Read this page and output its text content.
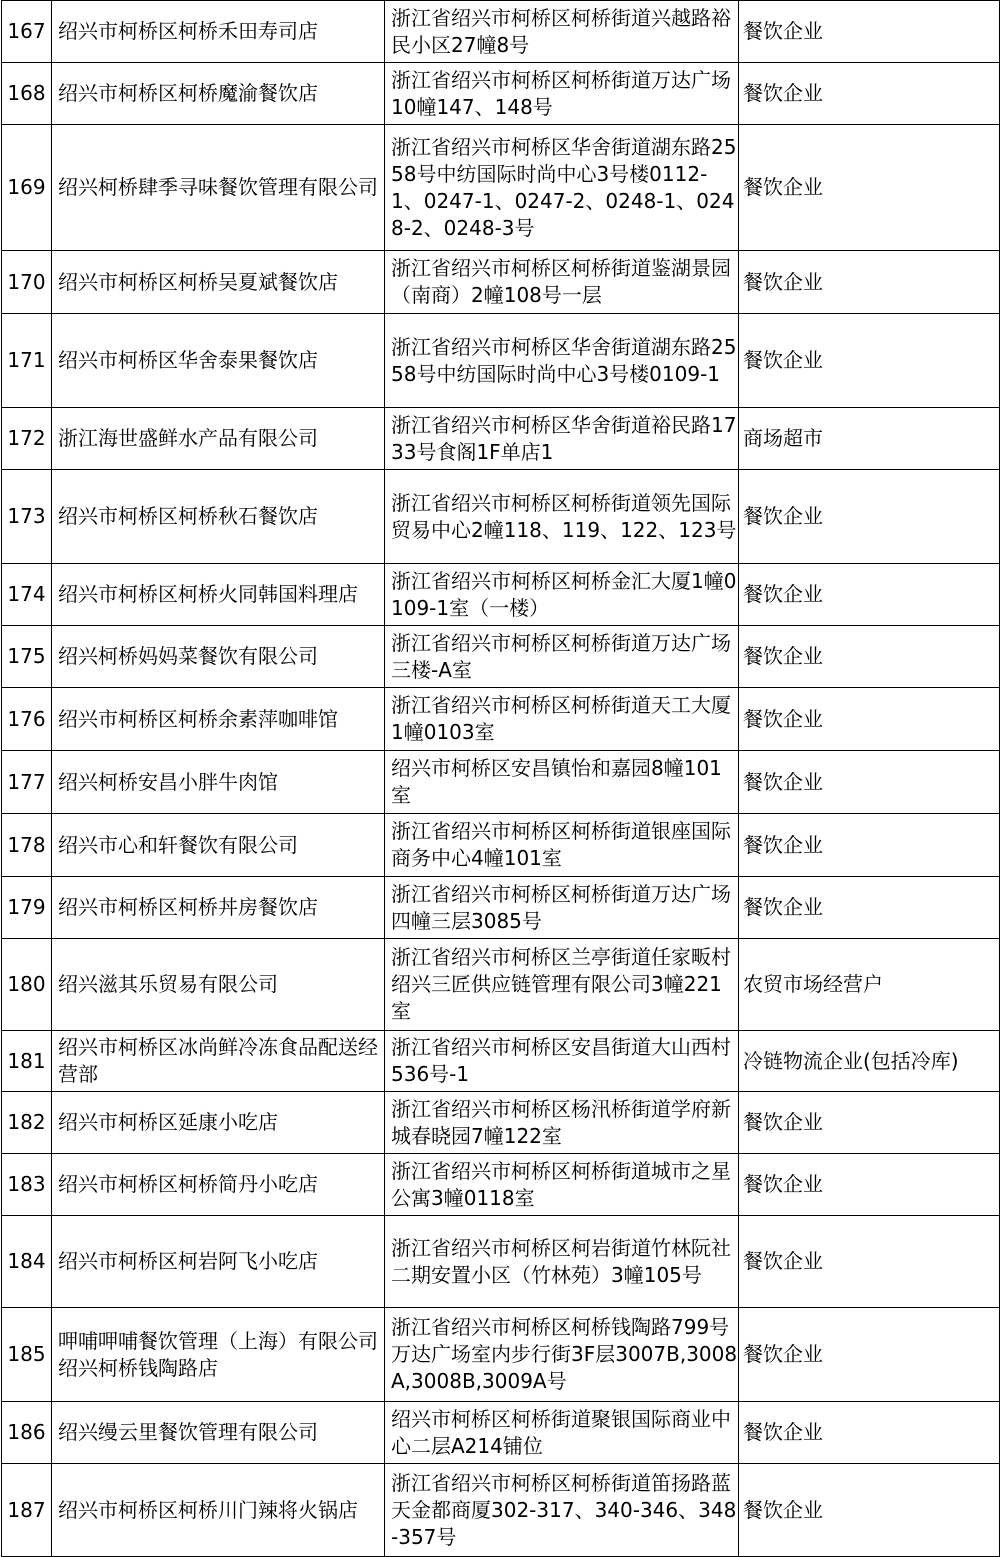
167	绍兴市柯桥区柯桥禾田寿司店	浙江省绍兴市柯桥区柯桥街道兴越路裕民小区27幢8号	餐饮企业
168	绍兴市柯桥区柯桥魔渝餐饮店	浙江省绍兴市柯桥区柯桥街道万达广场10幢147、148号	餐饮企业
169	绍兴柯桥肆季寻味餐饮管理有限公司	浙江省绍兴市柯桥区华舍街道湖东路2558号中纺国际时尚中心3号楼0112-1、0247-1、0247-2、0248-1、0248-2、0248-3号	餐饮企业
170	绍兴市柯桥区柯桥吴夏斌餐饮店	浙江省绍兴市柯桥区柯桥街道鉴湖景园（南商）2幢108号一层	餐饮企业
171	绍兴市柯桥区华舍泰果餐饮店	浙江省绍兴市柯桥区华舍街道湖东路2558号中纺国际时尚中心3号楼0109-1	餐饮企业
172	浙江海世盛鲜水产品有限公司	浙江省绍兴市柯桥区华舍街道裕民路1733号食阁1F单店1	商场超市
173	绍兴市柯桥区柯桥秋石餐饮店	浙江省绍兴市柯桥区柯桥街道领先国际贸易中心2幢118、119、122、123号	餐饮企业
174	绍兴市柯桥区柯桥火同韩国料理店	浙江省绍兴市柯桥区柯桥金汇大厦1幢0109-1室（一楼）	餐饮企业
175	绍兴柯桥妈妈菜餐饮有限公司	浙江省绍兴市柯桥区柯桥街道万达广场三楼-A室	餐饮企业
176	绍兴市柯桥区柯桥余素萍咖啡馆	浙江省绍兴市柯桥区柯桥街道天工大厦1幢0103室	餐饮企业
177	绍兴柯桥安昌小胖牛肉馆	绍兴市柯桥区安昌镇怡和嘉园8幢101室	餐饮企业
178	绍兴市心和轩餐饮有限公司	浙江省绍兴市柯桥区柯桥街道银座国际商务中心4幢101室	餐饮企业
179	绍兴市柯桥区柯桥丼房餐饮店	浙江省绍兴市柯桥区柯桥街道万达广场四幢三层3085号	餐饮企业
180	绍兴滋其乐贸易有限公司	浙江省绍兴市柯桥区兰亭街道任家畈村绍兴三匠供应链管理有限公司3幢221室	农贸市场经营户
181	绍兴市柯桥区冰尚鲜冷冻食品配送经营部	浙江省绍兴市柯桥区安昌街道大山西村536号-1	冷链物流企业(包括冷库)
182	绍兴市柯桥区延康小吃店	浙江省绍兴市柯桥区杨汛桥街道学府新城春晓园7幢122室	餐饮企业
183	绍兴市柯桥区柯桥简丹小吃店	浙江省绍兴市柯桥区柯桥街道城市之星公寓3幢0118室	餐饮企业
184	绍兴市柯桥区柯岩阿飞小吃店	浙江省绍兴市柯桥区柯岩街道竹林阮社二期安置小区（竹林苑）3幢105号	餐饮企业
185	呷哺呷哺餐饮管理（上海）有限公司绍兴柯桥钱陶路店	浙江省绍兴市柯桥区柯桥钱陶路799号万达广场室内步行街3F层3007B,3008A,3008B,3009A号	餐饮企业
186	绍兴缦云里餐饮管理有限公司	绍兴市柯桥区柯桥街道聚银国际商业中心二层A214铺位	餐饮企业
187	绍兴市柯桥区柯桥川门辣将火锅店	浙江省绍兴市柯桥区柯桥街道笛扬路蓝天金都商厦302-317、340-346、348-357号	餐饮企业
